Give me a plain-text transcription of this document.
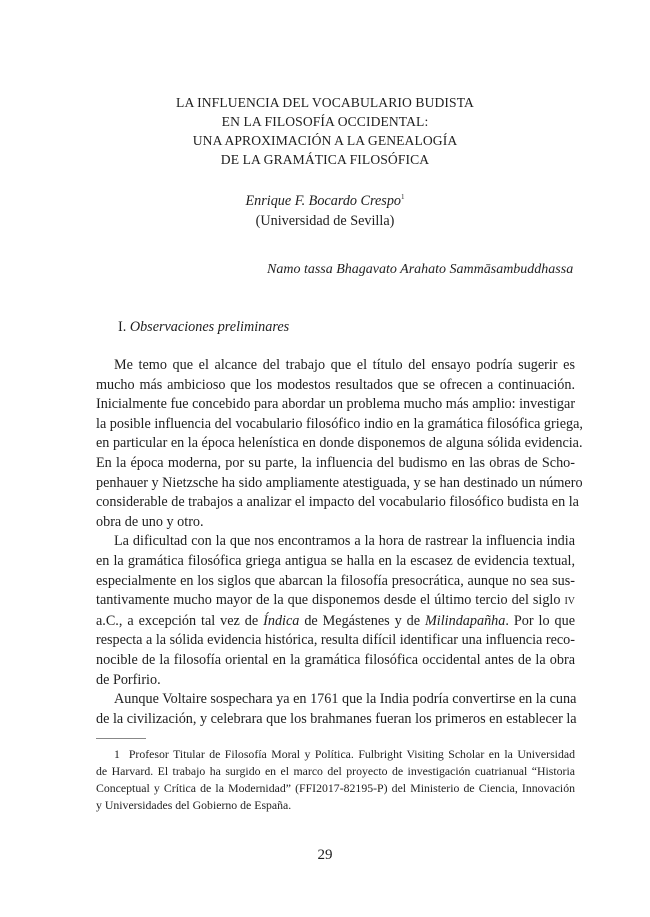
LA INFLUENCIA DEL VOCABULARIO BUDISTA
EN LA FILOSOFÍA OCCIDENTAL:
UNA APROXIMACIÓN A LA GENEALOGÍA
DE LA GRAMÁTICA FILOSÓFICA
Enrique F. Bocardo Crespo$^1$
(Universidad de Sevilla)
Namo tassa Bhagavato Arahato Sammāsambuddhassa
I. Observaciones preliminares
Me temo que el alcance del trabajo que el título del ensayo podría sugerir es
mucho más ambicioso que los modestos resultados que se ofrecen a continuación.
Inicialmente fue concebido para abordar un problema mucho más amplio: investigar
la posible influencia del vocabulario filosófico indio en la gramática filosófica griega,
en particular en la época helenística en donde disponemos de alguna sólida evidencia.
En la época moderna, por su parte, la influencia del budismo en las obras de Scho-
penhauer y Nietzsche ha sido ampliamente atestiguada, y se han destinado un número
considerable de trabajos a analizar el impacto del vocabulario filosófico budista en la
obra de uno y otro.
La dificultad con la que nos encontramos a la hora de rastrear la influencia india
en la gramática filosófica griega antigua se halla en la escasez de evidencia textual,
especialmente en los siglos que abarcan la filosofía presocrática, aunque no sea sus-
tantivamente mucho mayor de la que disponemos desde el último tercio del siglo IV
a.C., a excepción tal vez de Índica de Megástenes y de Milindapañha. Por lo que
respecta a la sólida evidencia histórica, resulta difícil identificar una influencia reco-
nocible de la filosofía oriental en la gramática filosófica occidental antes de la obra
de Porfirio.
Aunque Voltaire sospechara ya en 1761 que la India podría convertirse en la cuna
de la civilización, y celebrara que los brahmanes fueran los primeros en establecer la
1 Profesor Titular de Filosofía Moral y Política. Fulbright Visiting Scholar en la Universidad
de Harvard. El trabajo ha surgido en el marco del proyecto de investigación cuatrianual “Historia
Conceptual y Crítica de la Modernidad” (FFI2017-82195-P) del Ministerio de Ciencia, Innovación
y Universidades del Gobierno de España.
29
